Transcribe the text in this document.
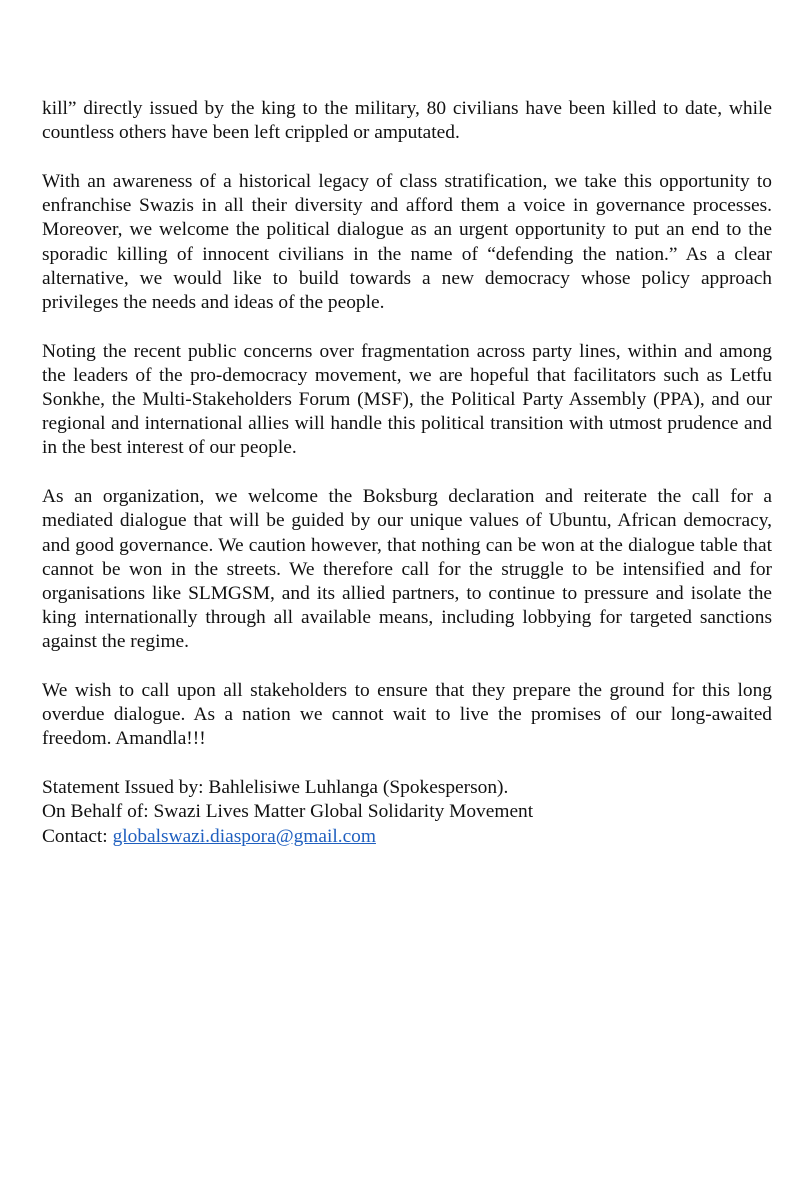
kill” directly issued by the king to the military, 80 civilians have been killed to date, while countless others have been left crippled or amputated.

With an awareness of a historical legacy of class stratification, we take this opportunity to enfranchise Swazis in all their diversity and afford them a voice in governance processes. Moreover, we welcome the political dialogue as an urgent opportunity to put an end to the sporadic killing of innocent civilians in the name of “defending the nation.” As a clear alternative, we would like to build towards a new democracy whose policy approach privileges the needs and ideas of the people.

Noting the recent public concerns over fragmentation across party lines, within and among the leaders of the pro-democracy movement, we are hopeful that facilitators such as Letfu Sonkhe, the Multi-Stakeholders Forum (MSF), the Political Party Assembly (PPA), and our regional and international allies will handle this political transition with utmost prudence and in the best interest of our people.

As an organization, we welcome the Boksburg declaration and reiterate the call for a mediated dialogue that will be guided by our unique values of Ubuntu, African democracy, and good governance. We caution however, that nothing can be won at the dialogue table that cannot be won in the streets. We therefore call for the struggle to be intensified and for organisations like SLMGSM, and its allied partners, to continue to pressure and isolate the king internationally through all available means, including lobbying for targeted sanctions against the regime.

We wish to call upon all stakeholders to ensure that they prepare the ground for this long overdue dialogue. As a nation we cannot wait to live the promises of our long-awaited freedom. Amandla!!!

Statement Issued by: Bahlelisiwe Luhlanga (Spokesperson).
On Behalf of: Swazi Lives Matter Global Solidarity Movement
Contact: globalswazi.diaspora@gmail.com
